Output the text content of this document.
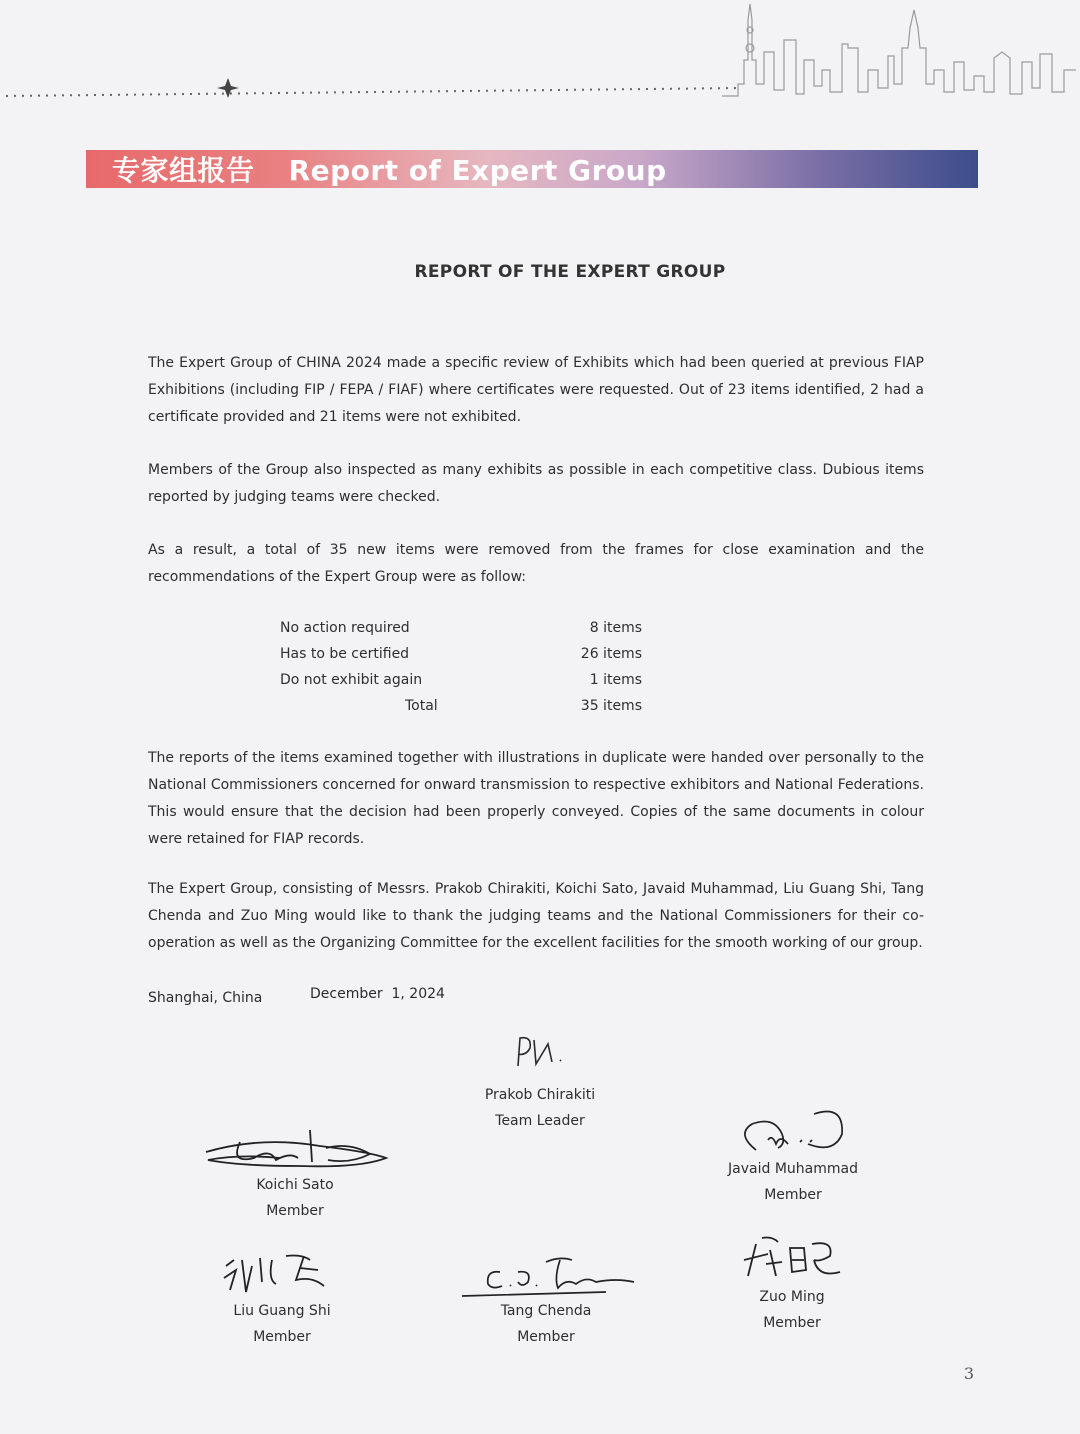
专家组报告 Report of Expert Group
REPORT OF THE EXPERT GROUP
The Expert Group of CHINA 2024 made a specific review of Exhibits which had been queried at previous FIAP Exhibitions (including FIP / FEPA / FIAF) where certificates were requested. Out of 23 items identified, 2 had a certificate provided and 21 items were not exhibited.
Members of the Group also inspected as many exhibits as possible in each competitive class. Dubious items reported by judging teams were checked.
As a result, a total of 35 new items were removed from the frames for close examination and the recommendations of the Expert Group were as follow:
No action required	8 items
Has to be certified	26 items
Do not exhibit again	1 items
Total	35 items
The reports of the items examined together with illustrations in duplicate were handed over personally to the National Commissioners concerned for onward transmission to respective exhibitors and National Federations. This would ensure that the decision had been properly conveyed. Copies of the same documents in colour were retained for FIAP records.
The Expert Group, consisting of Messrs. Prakob Chirakiti, Koichi Sato, Javaid Muhammad, Liu Guang Shi, Tang Chenda and Zuo Ming would like to thank the judging teams and the National Commissioners for their co-operation as well as the Organizing Committee for the excellent facilities for the smooth working of our group.
Shanghai, China	December  1, 2024
Prakob Chirakiti
Team Leader
Koichi Sato
Member
Javaid Muhammad
Member
Liu Guang Shi
Member
Tang Chenda
Member
Zuo Ming
Member
3
